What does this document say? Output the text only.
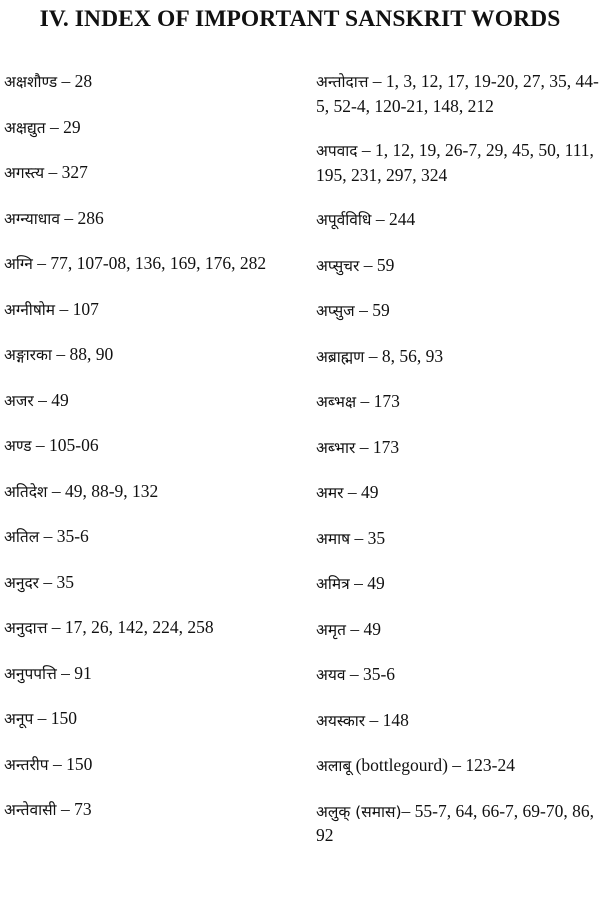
IV. INDEX OF IMPORTANT SANSKRIT WORDS
अक्षशौण्ड – 28
अक्षद्युत – 29
अगस्त्य – 327
अग्न्याधाव – 286
अग्नि – 77, 107-08, 136, 169, 176, 282
अग्नीषोम – 107
अङ्गारका – 88, 90
अजर – 49
अण्ड – 105-06
अतिदेश – 49, 88-9, 132
अतिल – 35-6
अनुदर – 35
अनुदात्त – 17, 26, 142, 224, 258
अनुपपत्ति – 91
अनूप – 150
अन्तरीप – 150
अन्तेवासी – 73
अन्तोदात्त – 1, 3, 12, 17, 19-20, 27, 35, 44-5, 52-4, 120-21, 148, 212
अपवाद – 1, 12, 19, 26-7, 29, 45, 50, 111, 195, 231, 297, 324
अपूर्वविधि – 244
अप्सुचर – 59
अप्सुज – 59
अब्राह्मण – 8, 56, 93
अब्भक्ष – 173
अब्भार – 173
अमर – 49
अमाष – 35
अमित्र – 49
अमृत – 49
अयव – 35-6
अयस्कार – 148
अलाबू (bottlegourd) – 123-24
अलुक् (समास)– 55-7, 64, 66-7, 69-70, 86, 92
